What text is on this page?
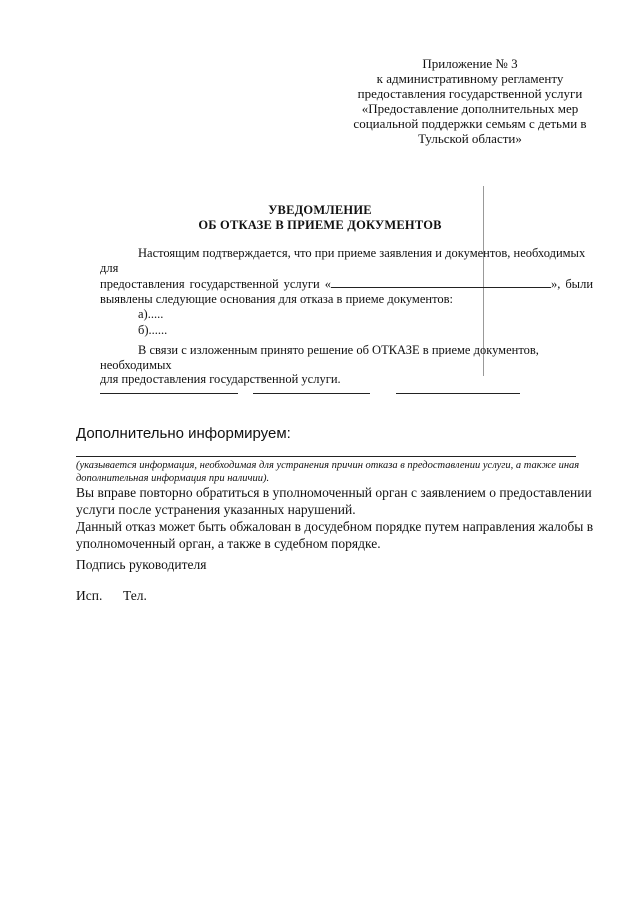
Приложение № 3
к административному регламенту
предоставления государственной услуги
«Предоставление дополнительных мер
социальной поддержки семьям с детьми в
Тульской области»
УВЕДОМЛЕНИЕ
ОБ ОТКАЗЕ В ПРИЕМЕ ДОКУМЕНТОВ
Настоящим подтверждается, что при приеме заявления и документов, необходимых для
предоставления государственной услуги «	», были
выявлены следующие основания для отказа в приеме документов:
а).....
б)......
В связи с изложенным принято решение об ОТКАЗЕ в приеме документов, необходимых
для предоставления государственной услуги.
Дополнительно информируем:
(указывается информация, необходимая для устранения причин отказа в предоставлении услуги, а также иная
дополнительная информация при наличии).
Вы вправе повторно обратиться в уполномоченный орган с заявлением о предоставлении
услуги после устранения указанных нарушений.
Данный отказ может быть обжалован в досудебном порядке путем направления жалобы в
уполномоченный орган, а также в судебном порядке.
Подпись руководителя
Исп. Тел.
